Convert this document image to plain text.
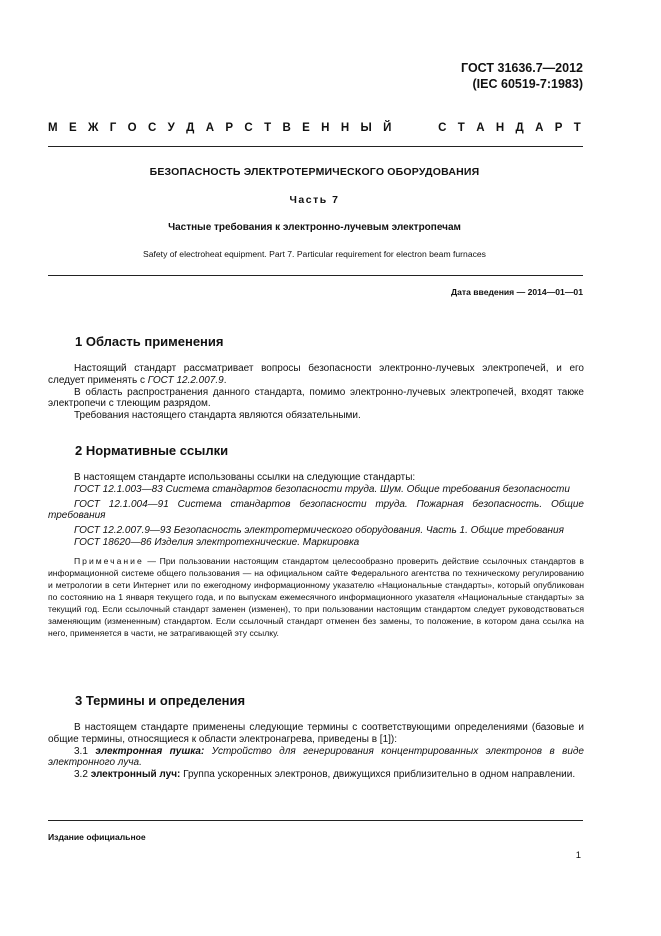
ГОСТ 31636.7—2012
(IEC 60519-7:1983)
М Е Ж Г О С У Д А Р С Т В Е Н Н Ы Й	С Т А Н Д А Р Т
БЕЗОПАСНОСТЬ ЭЛЕКТРОТЕРМИЧЕСКОГО ОБОРУДОВАНИЯ
Часть 7
Частные требования к электронно-лучевым электропечам
Safety of electroheat equipment. Part 7. Particular requirement for electron beam furnaces
Дата введения — 2014—01—01
1 Область применения

Настоящий стандарт рассматривает вопросы безопасности электронно-лучевых электропечей, и его следует применять с ГОСТ 12.2.007.9.

В область распространения данного стандарта, помимо электронно-лучевых электропечей, входят также электропечи с тлеющим разрядом.

Требования настоящего стандарта являются обязательными.

2 Нормативные ссылки

В настоящем стандарте использованы ссылки на следующие стандарты:

ГОСТ 12.1.003—83 Система стандартов безопасности труда. Шум. Общие требования безопасности

ГОСТ 12.1.004—91 Система стандартов безопасности труда. Пожарная безопасность. Общие требования

ГОСТ 12.2.007.9—93 Безопасность электротермического оборудования. Часть 1. Общие требования

ГОСТ 18620—86 Изделия электротехнические. Маркировка

Примечание — При пользовании настоящим стандартом целесообразно проверить действие ссылочных стандартов в информационной системе общего пользования — на официальном сайте Федерального агентства по техническому регулированию и метрологии в сети Интернет или по ежегодному информационному указателю «Национальные стандарты», который опубликован по состоянию на 1 января текущего года, и по выпускам ежемесячного информационного указателя «Национальные стандарты» за текущий год. Если ссылочный стандарт заменен (изменен), то при пользовании настоящим стандартом следует руководствоваться заменяющим (измененным) стандартом. Если ссылочный стандарт отменен без замены, то положение, в котором дана ссылка на него, применяется в части, не затрагивающей эту ссылку.
3 Термины и определения

В настоящем стандарте применены следующие термины с соответствующими определениями (базовые и общие термины, относящиеся к области электронагрева, приведены в [1]):

3.1 электронная пушка: Устройство для генерирования концентрированных электронов в виде электронного луча.

3.2 электронный луч: Группа ускоренных электронов, движущихся приблизительно в одном направлении.

Издание официальное
1
